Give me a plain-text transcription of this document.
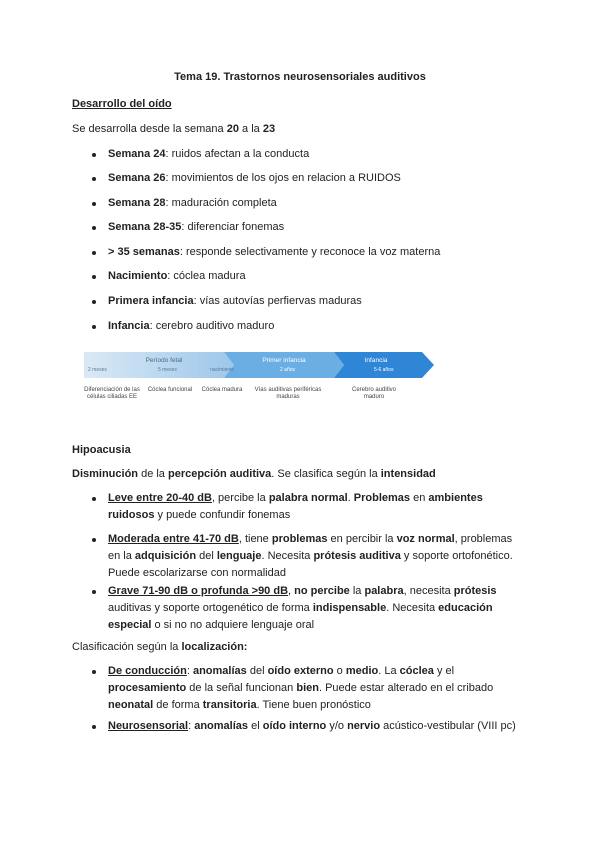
Tema 19. Trastornos neurosensoriales auditivos
Desarrollo del oído
Se desarrolla desde la semana 20 a la 23
Semana 24: ruidos afectan a la conducta
Semana 26: movimientos de los ojos en relacion a RUIDOS
Semana 28: maduración completa
Semana 28-35: diferenciar fonemas
> 35 semanas: responde selectivamente y reconoce la voz materna
Nacimiento: cóclea madura
Primera infancia: vías autovías perfiervas maduras
Infancia: cerebro auditivo maduro
Período fetal	Primer infancia	Infancia
2 meses	5 meses	nacimiento	2 años	5-6 años
Diferenciación de las células ciliadas EE
Cóclea funcional	Cóclea madura	Vías auditivas periféricas maduras
Cerebro auditivo maduro
Hipoacusia
Disminución de la percepción auditiva. Se clasifica según la intensidad
Leve entre 20-40 dB, percibe la palabra normal. Problemas en ambientes
ruidosos y puede confundir fonemas
Moderada entre 41-70 dB, tiene problemas en percibir la voz normal, problemas
en la adquisición del lenguaje. Necesita prótesis auditiva y soporte ortofonético.
Puede escolarizarse con normalidad
Grave 71-90 dB o profunda >90 dB, no percibe la palabra, necesita prótesis
auditivas y soporte ortogenético de forma indispensable. Necesita educación
especial o si no no adquiere lenguaje oral
Clasificación según la localización:
De conducción: anomalías del oído externo o medio. La cóclea y el
procesamiento de la señal funcionan bien. Puede estar alterado en el cribado
neonatal de forma transitoria. Tiene buen pronóstico
Neurosensorial: anomalías el oído interno y/o nervio acústico-vestibular (VIII pc)
